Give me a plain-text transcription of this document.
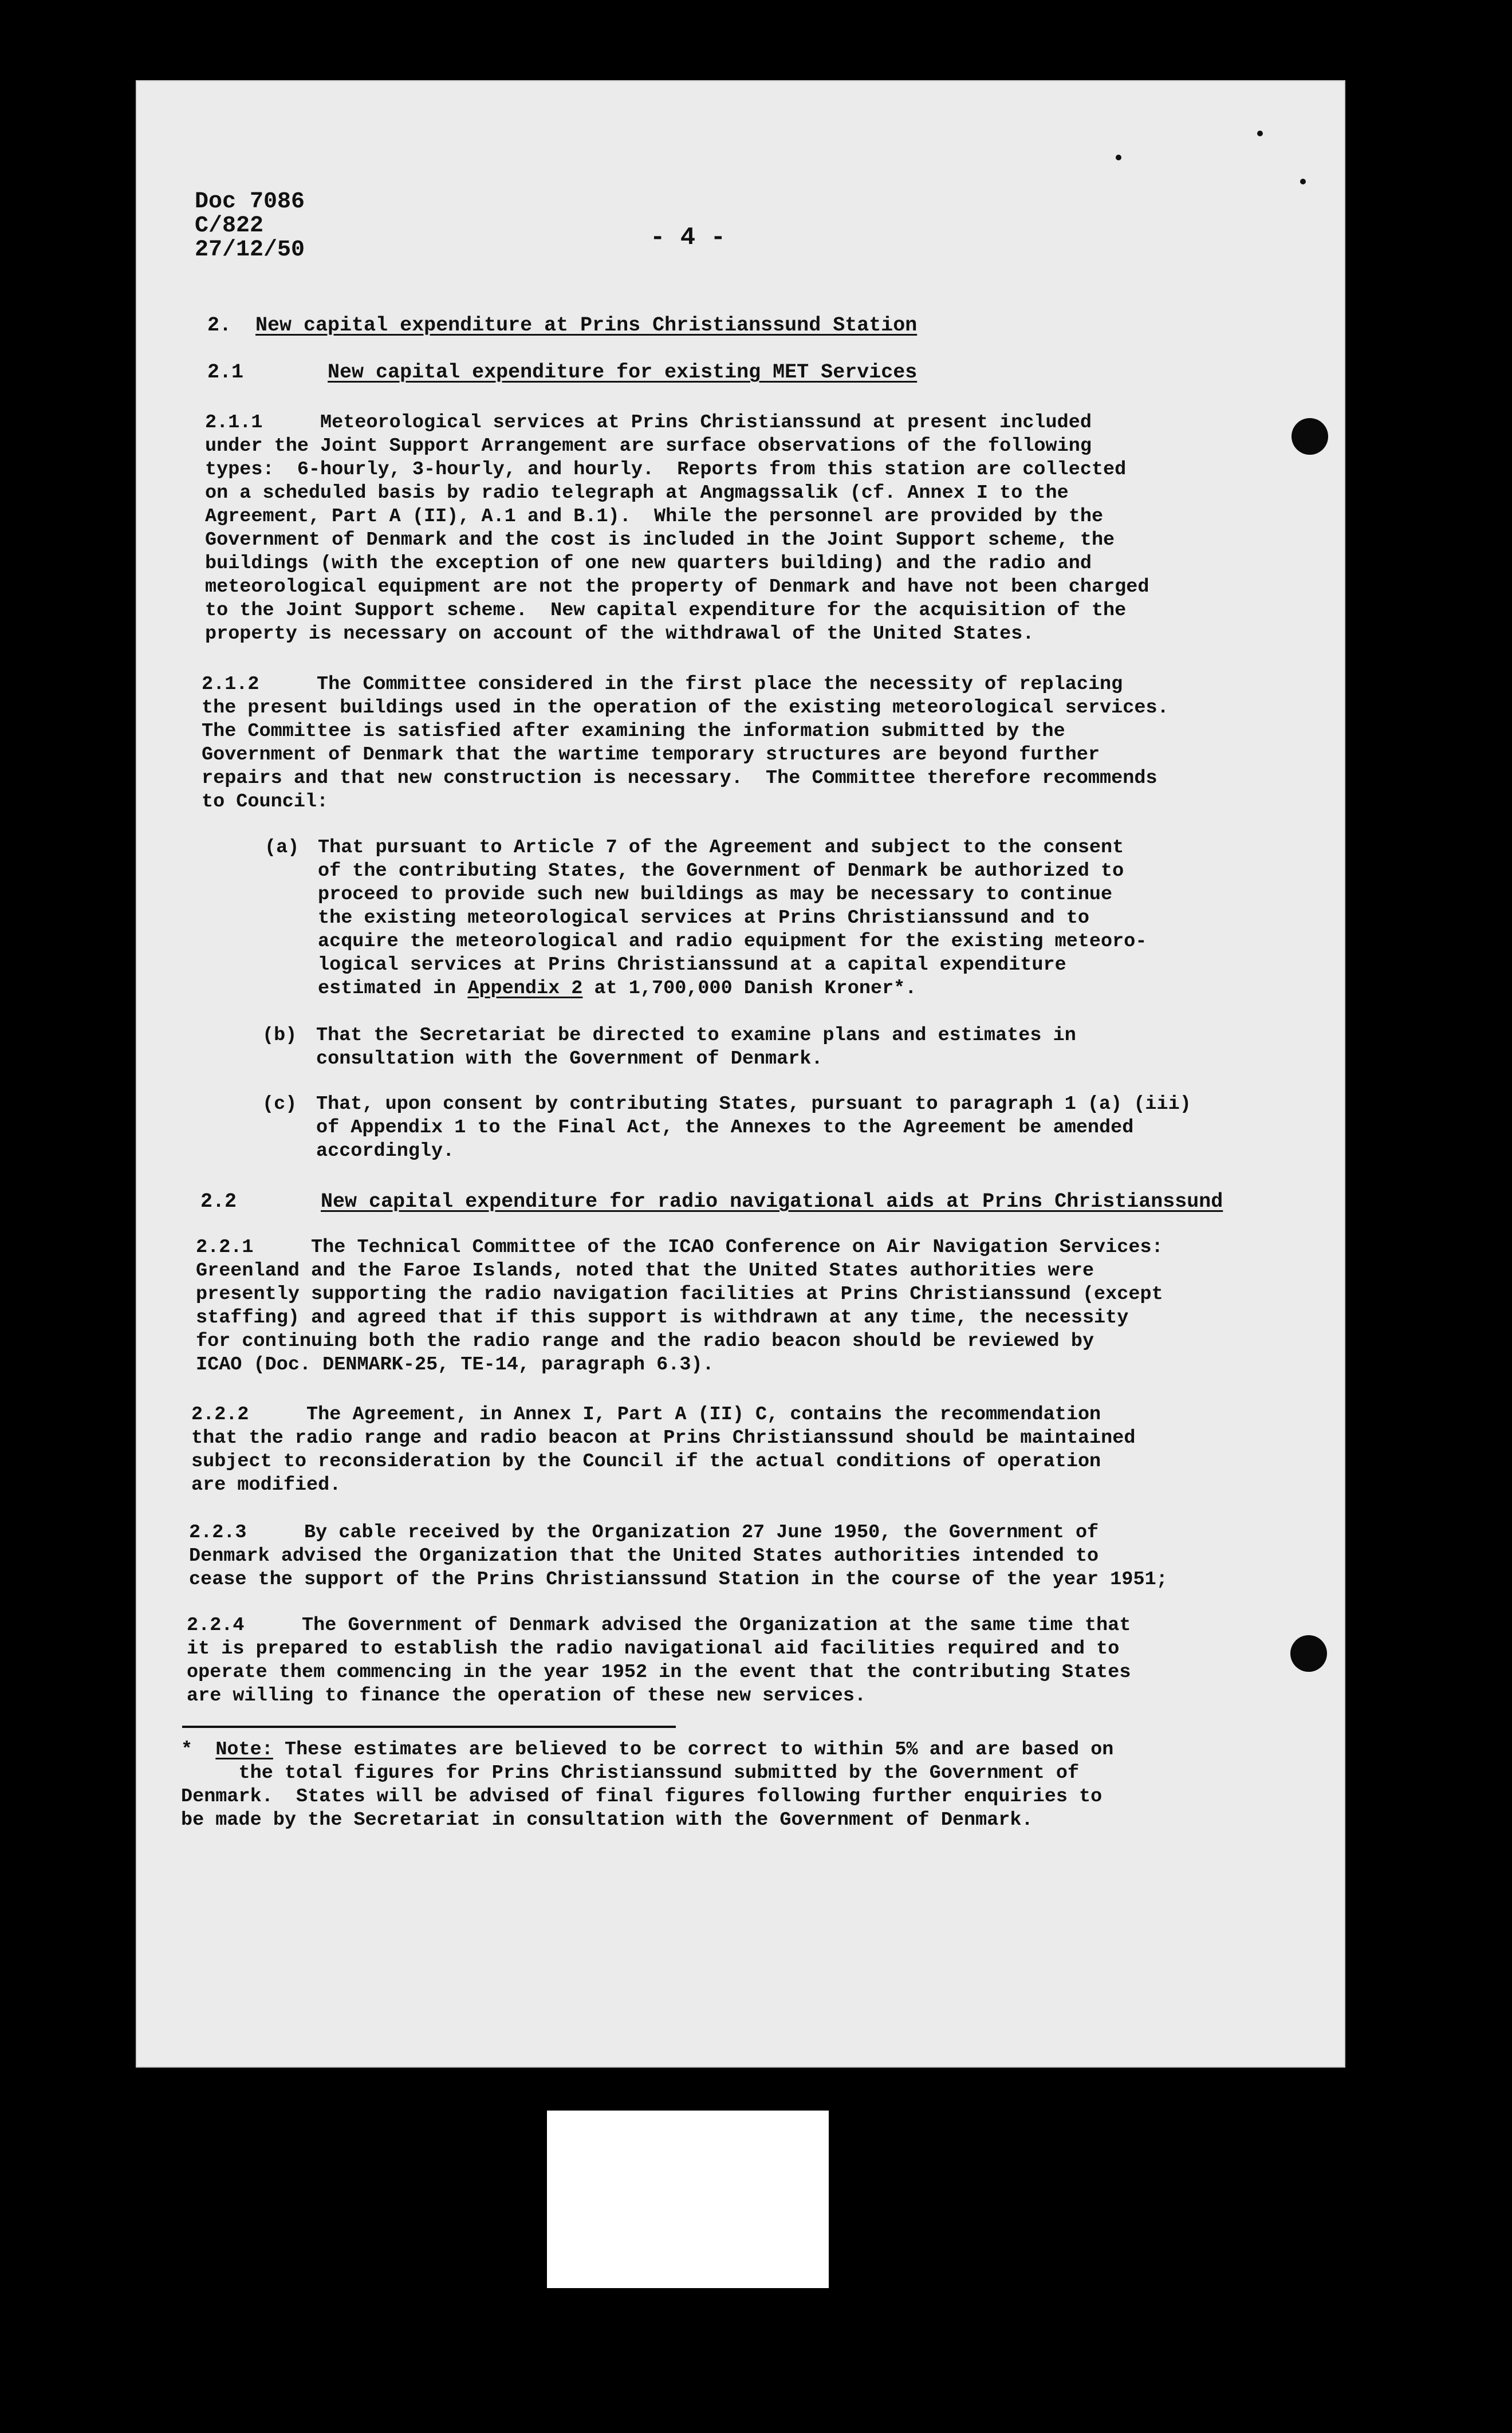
Doc 7086
C/822
27/12/50	- 4 -
2. New capital expenditure at Prins Christianssund Station
2.1	New capital expenditure for existing MET Services
2.1.1     Meteorological services at Prins Christianssund at present included
under the Joint Support Arrangement are surface observations of the following
types:  6-hourly, 3-hourly, and hourly.  Reports from this station are collected
on a scheduled basis by radio telegraph at Angmagssalik (cf. Annex I to the
Agreement, Part A (II), A.1 and B.1).  While the personnel are provided by the
Government of Denmark and the cost is included in the Joint Support scheme, the
buildings (with the exception of one new quarters building) and the radio and
meteorological equipment are not the property of Denmark and have not been charged
to the Joint Support scheme.  New capital expenditure for the acquisition of the
property is necessary on account of the withdrawal of the United States.
2.1.2     The Committee considered in the first place the necessity of replacing
the present buildings used in the operation of the existing meteorological services.
The Committee is satisfied after examining the information submitted by the
Government of Denmark that the wartime temporary structures are beyond further
repairs and that new construction is necessary.  The Committee therefore recommends
to Council:
(a) That pursuant to Article 7 of the Agreement and subject to the consent
of the contributing States, the Government of Denmark be authorized to
proceed to provide such new buildings as may be necessary to continue
the existing meteorological services at Prins Christianssund and to
acquire the meteorological and radio equipment for the existing meteoro-
logical services at Prins Christianssund at a capital expenditure
estimated in Appendix 2 at 1,700,000 Danish Kroner*.
(b) That the Secretariat be directed to examine plans and estimates in
consultation with the Government of Denmark.
(c) That, upon consent by contributing States, pursuant to paragraph 1 (a) (iii)
of Appendix 1 to the Final Act, the Annexes to the Agreement be amended
accordingly.
2.2	New capital expenditure for radio navigational aids at Prins Christianssund
2.2.1     The Technical Committee of the ICAO Conference on Air Navigation Services:
Greenland and the Faroe Islands, noted that the United States authorities were
presently supporting the radio navigation facilities at Prins Christianssund (except
staffing) and agreed that if this support is withdrawn at any time, the necessity
for continuing both the radio range and the radio beacon should be reviewed by
ICAO (Doc. DENMARK-25, TE-14, paragraph 6.3).
2.2.2     The Agreement, in Annex I, Part A (II) C, contains the recommendation
that the radio range and radio beacon at Prins Christianssund should be maintained
subject to reconsideration by the Council if the actual conditions of operation
are modified.
2.2.3     By cable received by the Organization 27 June 1950, the Government of
Denmark advised the Organization that the United States authorities intended to
cease the support of the Prins Christianssund Station in the course of the year 1951;
2.2.4     The Government of Denmark advised the Organization at the same time that
it is prepared to establish the radio navigational aid facilities required and to
operate them commencing in the year 1952 in the event that the contributing States
are willing to finance the operation of these new services.
* Note: These estimates are believed to be correct to within 5% and are based on
the total figures for Prins Christianssund submitted by the Government of
Denmark.  States will be advised of final figures following further enquiries to
be made by the Secretariat in consultation with the Government of Denmark.
